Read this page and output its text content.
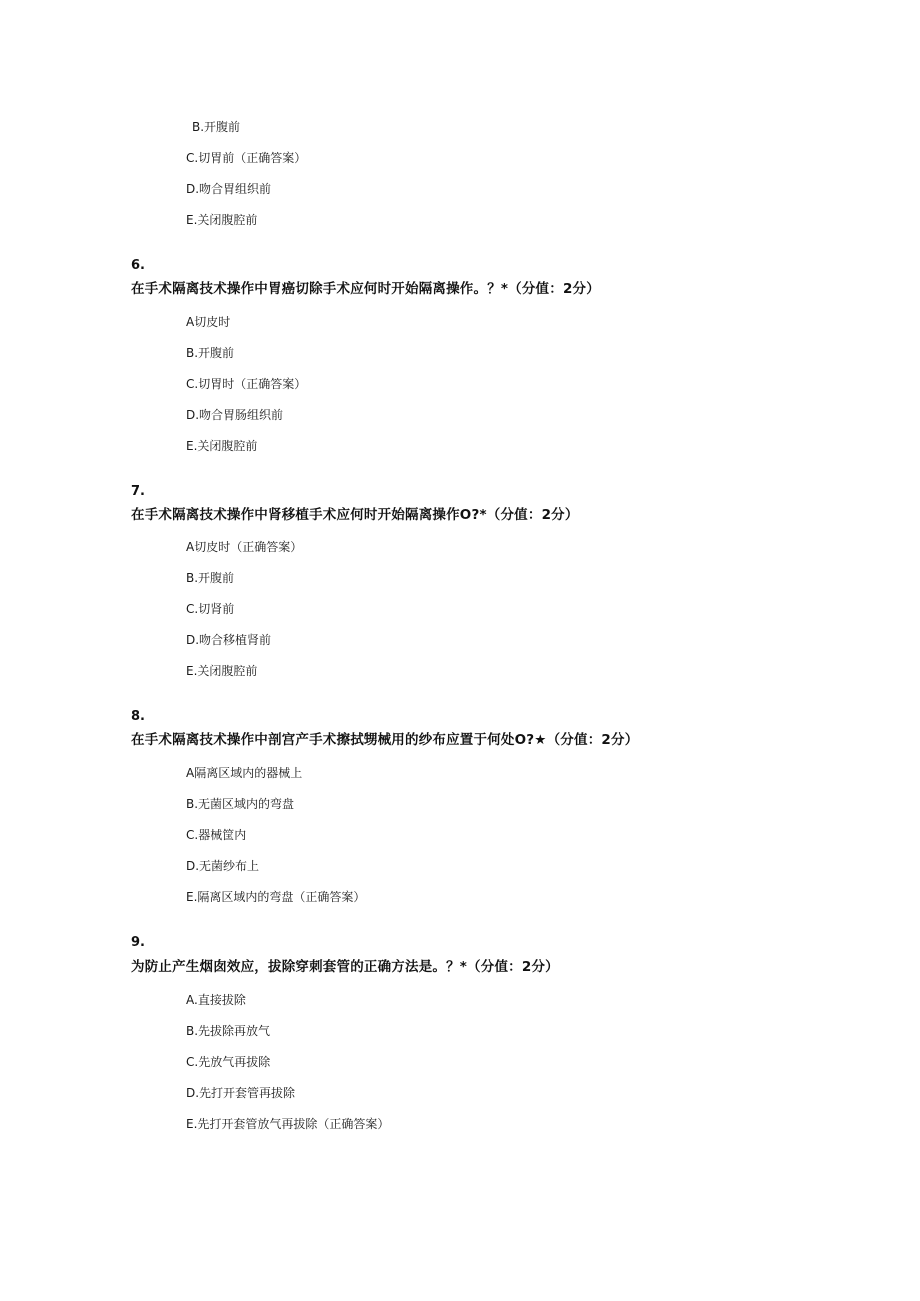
B.开腹前
C.切胃前（正确答案）
D.吻合胃组织前
E.关闭腹腔前
6.
在手术隔离技术操作中胃癌切除手术应何时开始隔离操作。？*（分值：2分）
A切皮时
B.开腹前
C.切胃时（正确答案）
D.吻合胃肠组织前
E.关闭腹腔前
7.
在手术隔离技术操作中肾移植手术应何时开始隔离操作O?*（分值：2分）
A切皮时（正确答案）
B.开腹前
C.切肾前
D.吻合移植肾前
E.关闭腹腔前
8.
在手术隔离技术操作中剖宫产手术擦拭甥械用的纱布应置于何处O?★（分值：2分）
A隔离区域内的器械上
B.无菌区域内的弯盘
C.器械筐内
D.无菌纱布上
E.隔离区域内的弯盘（正确答案）
9.
为防止产生烟囱效应，拔除穿刺套管的正确方法是。？*（分值：2分）
A.直接拔除
B.先拔除再放气
C.先放气再拔除
D.先打开套管再拔除
E.先打开套管放气再拔除（正确答案）
